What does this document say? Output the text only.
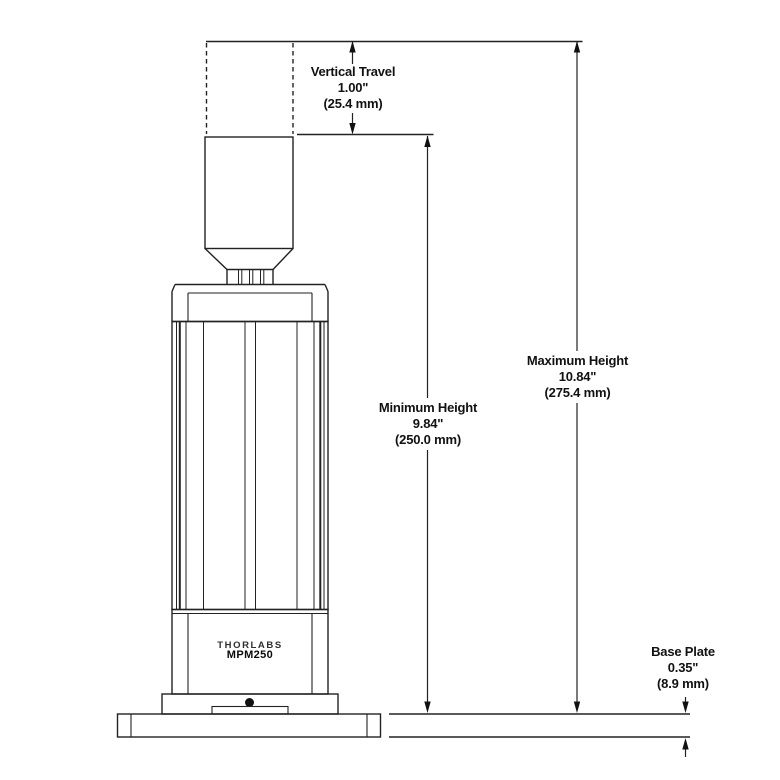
Vertical Travel
1.00"
(25.4 mm)
Maximum Height
10.84"
(275.4 mm)
Minimum Height
9.84"
(250.0 mm)
Base Plate
0.35"
(8.9 mm)
THORLABS
MPM250
